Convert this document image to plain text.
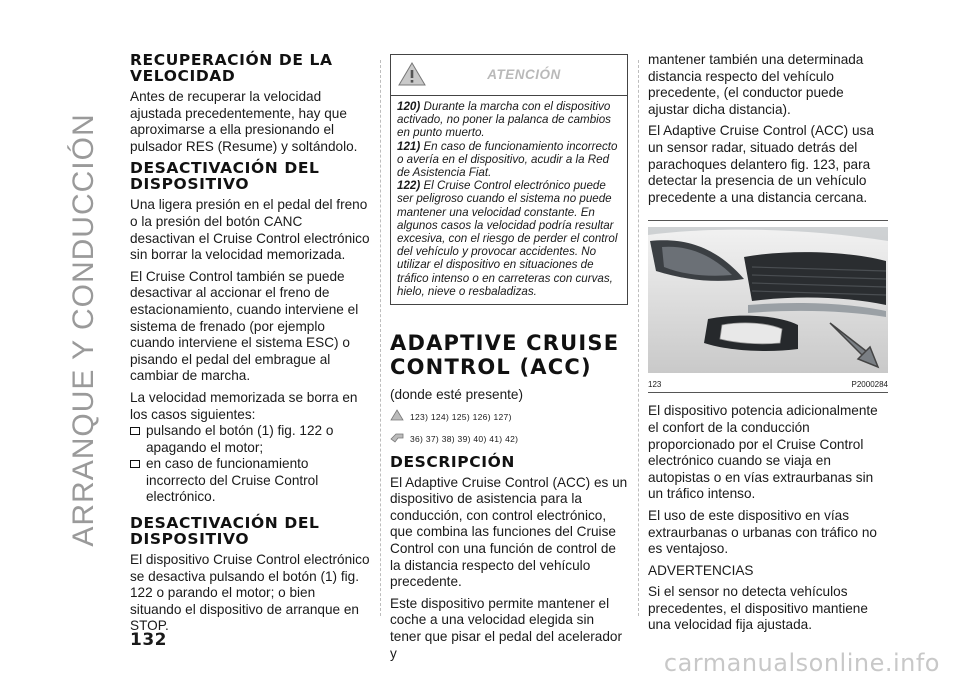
ARRANQUE Y CONDUCCIÓN
RECUPERACIÓN DE LA VELOCIDAD

Antes de recuperar la velocidad ajustada precedentemente, hay que aproximarse a ella presionando el pulsador RES (Resume) y soltándolo.

DESACTIVACIÓN DEL DISPOSITIVO

Una ligera presión en el pedal del freno o la presión del botón CANC desactivan el Cruise Control electrónico sin borrar la velocidad memorizada.

El Cruise Control también se puede desactivar al accionar el freno de estacionamiento, cuando interviene el sistema de frenado (por ejemplo cuando interviene el sistema ESC) o pisando el pedal del embrague al cambiar de marcha.

La velocidad memorizada se borra en los casos siguientes:

pulsando el botón (1) fig. 122 o apagando el motor;
en caso de funcionamiento incorrecto del Cruise Control electrónico.
DESACTIVACIÓN DEL DISPOSITIVO

El dispositivo Cruise Control electrónico se desactiva pulsando el botón (1) fig. 122 o parando el motor; o bien situando el dispositivo de arranque en STOP.

ATENCIÓN

120) Durante la marcha con el dispositivo activado, no poner la palanca de cambios en punto muerto.

121) En caso de funcionamiento incorrecto o avería en el dispositivo, acudir a la Red de Asistencia Fiat.

122) El Cruise Control electrónico puede ser peligroso cuando el sistema no puede mantener una velocidad constante. En algunos casos la velocidad podría resultar excesiva, con el riesgo de perder el control del vehículo y provocar accidentes. No utilizar el dispositivo en situaciones de tráfico intenso o en carreteras con curvas, hielo, nieve o resbaladizas.

ADAPTIVE CRUISE CONTROL (ACC)

(donde esté presente)

123) 124) 125) 126) 127)
36) 37) 38) 39) 40) 41) 42)
DESCRIPCIÓN

El Adaptive Cruise Control (ACC) es un dispositivo de asistencia para la conducción, con control electrónico, que combina las funciones del Cruise Control con una función de control de la distancia respecto del vehículo precedente.

Este dispositivo permite mantener el coche a una velocidad elegida sin tener que pisar el pedal del acelerador y

mantener también una determinada distancia respecto del vehículo precedente, (el conductor puede ajustar dicha distancia).

El Adaptive Cruise Control (ACC) usa un sensor radar, situado detrás del parachoques delantero fig. 123, para detectar la presencia de un vehículo precedente a una distancia cercana.

123	P2000284

El dispositivo potencia adicionalmente el confort de la conducción proporcionado por el Cruise Control electrónico cuando se viaja en autopistas o en vías extraurbanas sin un tráfico intenso.

El uso de este dispositivo en vías extraurbanas o urbanas con tráfico no es ventajoso.

ADVERTENCIAS

Si el sensor no detecta vehículos precedentes, el dispositivo mantiene una velocidad fija ajustada.

132
carmanualsonline.info
